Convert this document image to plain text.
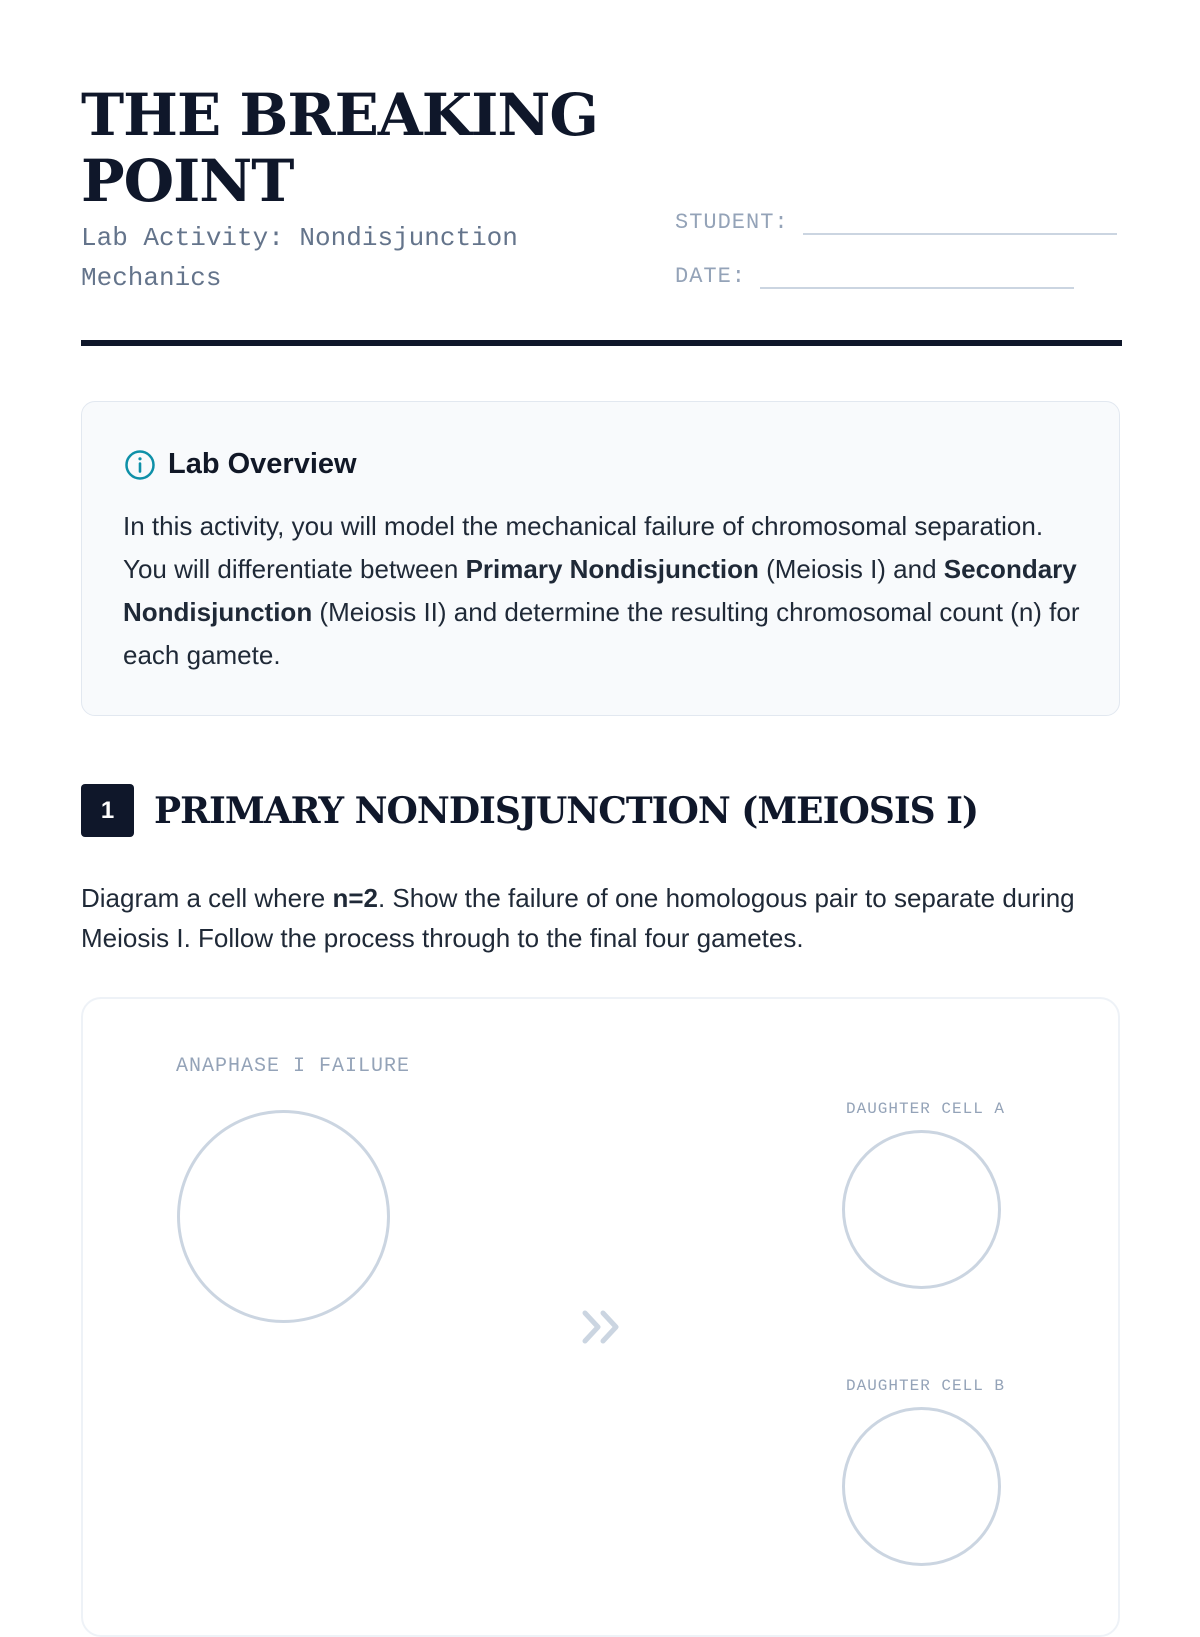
THE BREAKING POINT
Lab Activity: Nondisjunction Mechanics
STUDENT:
DATE:
Lab Overview

In this activity, you will model the mechanical failure of chromosomal separation. You will differentiate between Primary Nondisjunction (Meiosis I) and Secondary Nondisjunction (Meiosis II) and determine the resulting chromosomal count (n) for each gamete.

1	PRIMARY NONDISJUNCTION (MEIOSIS I)

Diagram a cell where n=2. Show the failure of one homologous pair to separate during Meiosis I. Follow the process through to the final four gametes.

ANAPHASE I FAILURE
DAUGHTER CELL A
DAUGHTER CELL B
